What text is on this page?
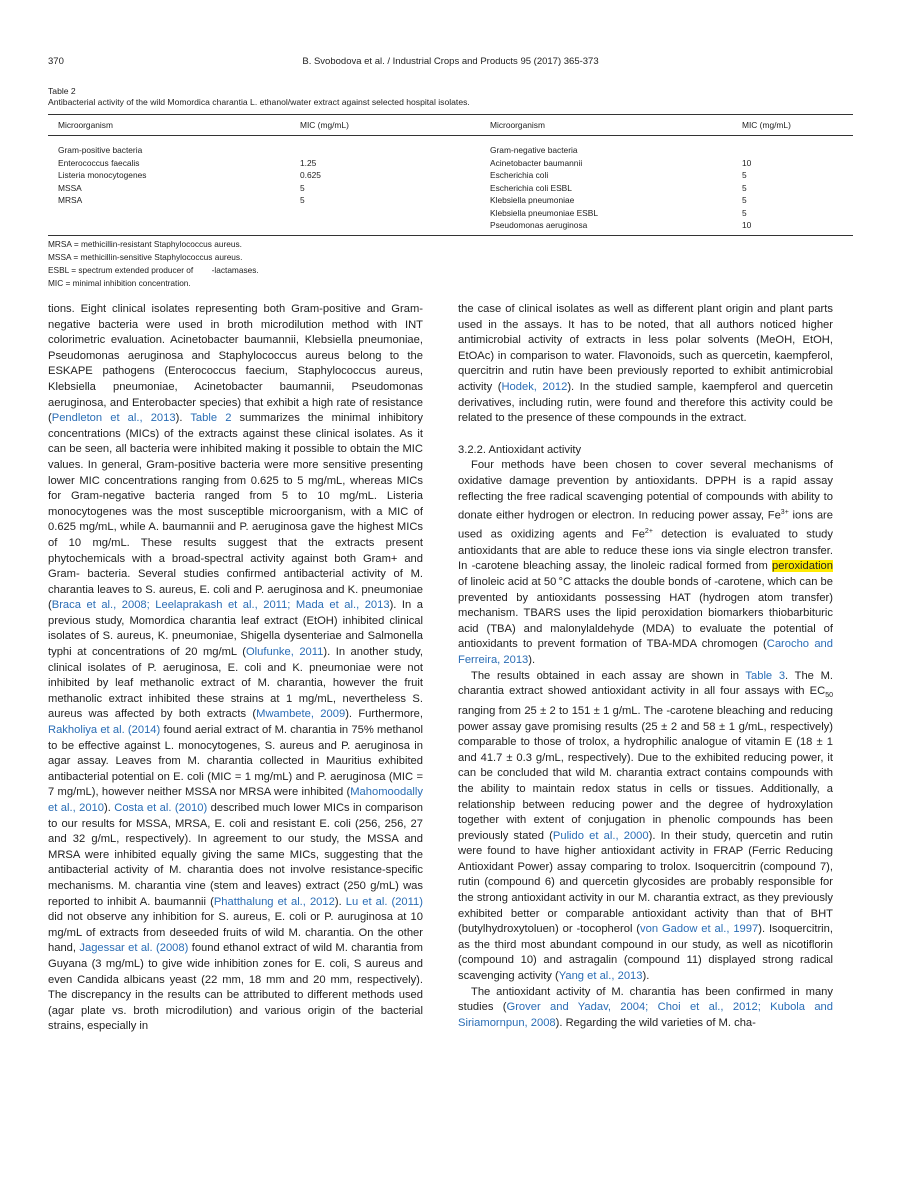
370	B. Svobodova et al. / Industrial Crops and Products 95 (2017) 365-373
Table 2
Antibacterial activity of the wild Momordica charantia L. ethanol/water extract against selected hospital isolates.
Microorganism	MIC (mg/mL)	Microorganism	MIC (mg/mL)
Gram-positive bacteria		Gram-negative bacteria	
Enterococcus faecalis	1.25	Acinetobacter baumannii	10
Listeria monocytogenes	0.625	Escherichia coli	5
MSSA	5	Escherichia coli ESBL	5
MRSA	5	Klebsiella pneumoniae	5
		Klebsiella pneumoniae ESBL	5
		Pseudomonas aeruginosa	10
MRSA = methicillin-resistant Staphylococcus aureus.
MSSA = methicillin-sensitive Staphylococcus aureus.
ESBL = spectrum extended producer of        -lactamases.
MIC = minimal inhibition concentration.

tions. Eight clinical isolates representing both Gram-positive and Gram-negative bacteria were used in broth microdilution method with INT colorimetric evaluation. Acinetobacter baumannii, Klebsiella pneumoniae, Pseudomonas aeruginosa and Staphylococcus aureus belong to the ESKAPE pathogens (Enterococcus faecium, Staphylococcus aureus, Klebsiella pneumoniae, Acinetobacter baumannii, Pseudomonas aeruginosa, and Enterobacter species) that exhibit a high rate of resistance (Pendleton et al., 2013). Table 2 summarizes the minimal inhibitory concentrations (MICs) of the extracts against these clinical isolates. As it can be seen, all bacteria were inhibited making it possible to obtain the MIC values. In general, Gram-positive bacteria were more sensitive presenting lower MIC concentrations ranging from 0.625 to 5 mg/mL, whereas MICs for Gram-negative bacteria ranged from 5 to 10 mg/mL. Listeria monocytogenes was the most susceptible microorganism, with a MIC of 0.625 mg/mL, while A. baumannii and P. aeruginosa gave the highest MICs of 10 mg/mL. These results suggest that the extracts present phytochemicals with a broad-spectral activity against both Gram+ and Gram- bacteria. Several studies confirmed antibacterial activity of M. charantia leaves to S. aureus, E. coli and P. aeruginosa and K. pneumoniae (Braca et al., 2008; Leelaprakash et al., 2011; Mada et al., 2013). In a previous study, Momordica charantia leaf extract (EtOH) inhibited clinical isolates of S. aureus, K. pneumoniae, Shigella dysenteriae and Salmonella typhi at concentrations of 20 mg/mL (Olufunke, 2011). In another study, clinical isolates of P. aeruginosa, E. coli and K. pneumoniae were not inhibited by leaf methanolic extract of M. charantia, however the fruit methanolic extract inhibited these strains at 1 mg/mL, nevertheless S. aureus was affected by both extracts (Mwambete, 2009). Furthermore, Rakholiya et al. (2014) found aerial extract of M. charantia in 75% methanol to be effective against L. monocytogenes, S. aureus and P. aeruginosa in agar assay. Leaves from M. charantia collected in Mauritius exhibited antibacterial potential on E. coli (MIC = 1 mg/mL) and P. aeruginosa (MIC = 7 mg/mL), however neither MSSA nor MRSA were inhibited (Mahomoodally et al., 2010). Costa et al. (2010) described much lower MICs in comparison to our results for MSSA, MRSA, E. coli and resistant E. coli (256, 256, 27 and 32 g/mL, respectively). In agreement to our study, the MSSA and MRSA were inhibited equally giving the same MICs, suggesting that the antibacterial activity of M. charantia does not involve resistance-specific mechanisms. M. charantia vine (stem and leaves) extract (250 g/mL) was reported to inhibit A. baumannii (Phatthalung et al., 2012). Lu et al. (2011) did not observe any inhibition for S. aureus, E. coli or P. auruginosa at 10 mg/mL of extracts from deseeded fruits of wild M. charantia. On the other hand, Jagessar et al. (2008) found ethanol extract of wild M. charantia from Guyana (3 mg/mL) to give wide inhibition zones for E. coli, S aureus and even Candida albicans yeast (22 mm, 18 mm and 20 mm, respectively). The discrepancy in the results can be attributed to different methods used (agar plate vs. broth microdilution) and various origin of the bacterial strains, especially in

the case of clinical isolates as well as different plant origin and plant parts used in the assays. It has to be noted, that all authors noticed higher antimicrobial activity of extracts in less polar solvents (MeOH, EtOH, EtOAc) in comparison to water. Flavonoids, such as quercetin, kaempferol, quercitrin and rutin have been previously reported to exhibit antimicrobial activity (Hodek, 2012). In the studied sample, kaempferol and quercetin derivatives, including rutin, were found and therefore this activity could be related to the presence of these compounds in the extract.

3.2.2. Antioxidant activity

Four methods have been chosen to cover several mechanisms of oxidative damage prevention by antioxidants. DPPH is a rapid assay reflecting the free radical scavenging potential of compounds with ability to donate either hydrogen or electron. In reducing power assay, $Fe^{3+}$ ions are used as oxidizing agents and $Fe^{2+}$ detection is evaluated to study antioxidants that are able to reduce these ions via single electron transfer. In -carotene bleaching assay, the linoleic radical formed from peroxidation of linoleic acid at 50 °C attacks the double bonds of -carotene, which can be prevented by antioxidants possessing HAT (hydrogen atom transfer) mechanism. TBARS uses the lipid peroxidation biomarkers thiobarbituric acid (TBA) and malonylaldehyde (MDA) to evaluate the potential of antioxidants to prevent formation of TBA-MDA chromogen (Carocho and Ferreira, 2013).

The results obtained in each assay are shown in Table 3. The M. charantia extract showed antioxidant activity in all four assays with $EC_{50}$ ranging from 25 ± 2 to 151 ± 1 g/mL. The -carotene bleaching and reducing power assay gave promising results (25 ± 2 and 58 ± 1 g/mL, respectively) comparable to those of trolox, a hydrophilic analogue of vitamin E (18 ± 1 and 41.7 ± 0.3 g/mL, respectively). Due to the exhibited reducing power, it can be concluded that wild M. charantia extract contains compounds with the ability to maintain redox status in cells or tissues. Additionally, a relationship between reducing power and the degree of hydroxylation together with extent of conjugation in phenolic compounds has been previously stated (Pulido et al., 2000). In their study, quercetin and rutin were found to have higher antioxidant activity in FRAP (Ferric Reducing Antioxidant Power) assay comparing to trolox. Isoquercitrin (compound 7), rutin (compound 6) and quercetin glycosides are probably responsible for the strong antioxidant activity in our M. charantia extract, as they previously exhibited better or comparable antioxidant activity than that of BHT (butylhydroxytoluen) or -tocopherol (von Gadow et al., 1997). Isoquercitrin, as the third most abundant compound in our study, as well as nicotiflorin (compound 10) and astragalin (compound 11) displayed strong radical scavenging activity (Yang et al., 2013).

The antioxidant activity of M. charantia has been confirmed in many studies (Grover and Yadav, 2004; Choi et al., 2012; Kubola and Siriamornpun, 2008). Regarding the wild varieties of M. cha-
